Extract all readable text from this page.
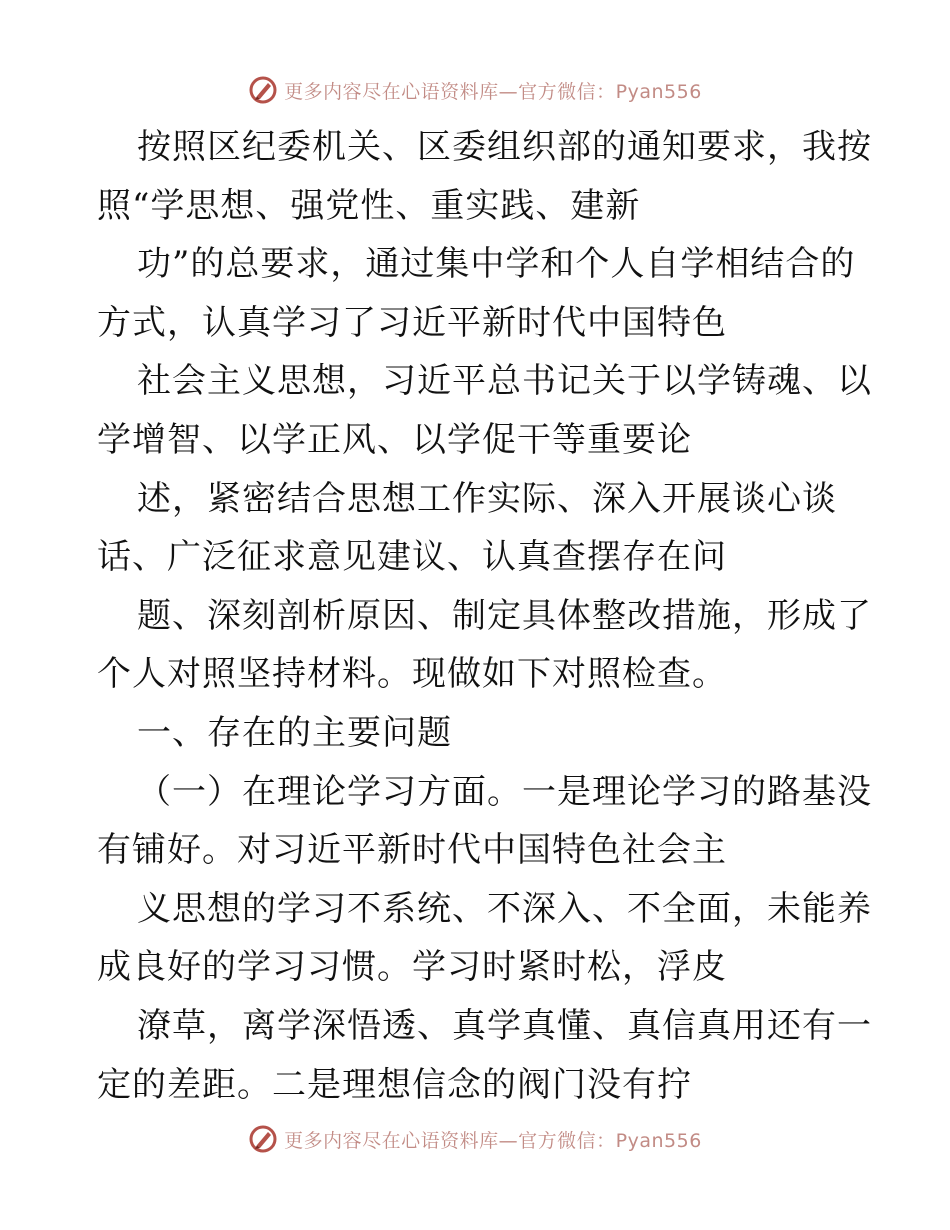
更多内容尽在心语资料库—官方微信：Pyan556
按照区纪委机关、区委组织部的通知要求，我按
照“学思想、强党性、重实践、建新
功”的总要求，通过集中学和个人自学相结合的
方式，认真学习了习近平新时代中国特色
社会主义思想，习近平总书记关于以学铸魂、以
学增智、以学正风、以学促干等重要论
述，紧密结合思想工作实际、深入开展谈心谈
话、广泛征求意见建议、认真查摆存在问
题、深刻剖析原因、制定具体整改措施，形成了
个人对照坚持材料。现做如下对照检查。
一、存在的主要问题
（一）在理论学习方面。一是理论学习的路基没
有铺好。对习近平新时代中国特色社会主
义思想的学习不系统、不深入、不全面，未能养
成良好的学习习惯。学习时紧时松，浮皮
潦草，离学深悟透、真学真懂、真信真用还有一
定的差距。二是理想信念的阀门没有拧
更多内容尽在心语资料库—官方微信：Pyan556
